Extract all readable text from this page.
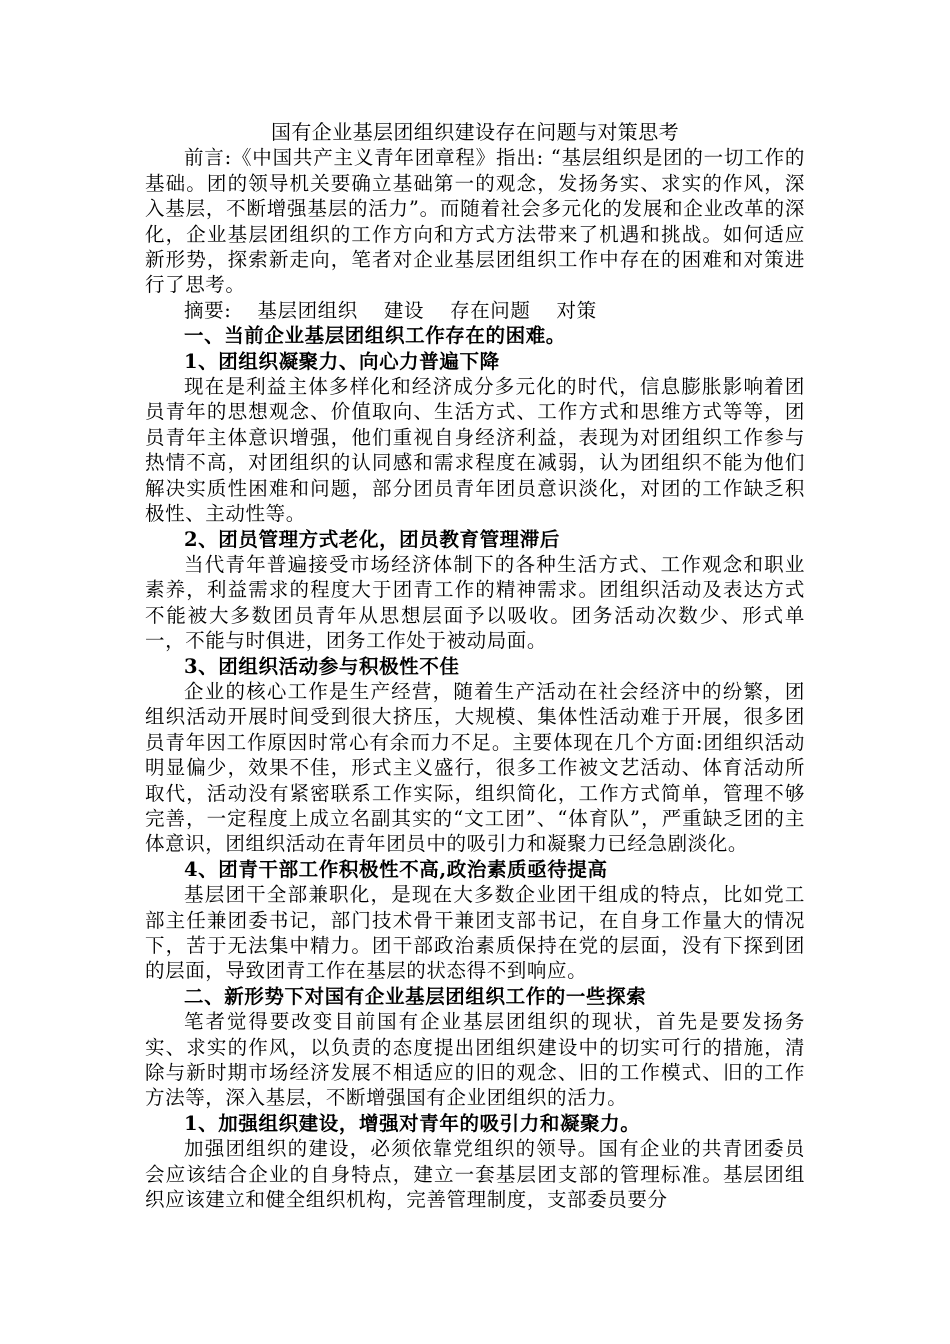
国有企业基层团组织建设存在问题与对策思考

前言:《中国共产主义青年团章程》指出: “基层组织是团的一切工作的基础。团的领导机关要确立基础第一的观念，发扬务实、求实的作风，深入基层，不断增强基层的活力”。而随着社会多元化的发展和企业改革的深化，企业基层团组织的工作方向和方式方法带来了机遇和挑战。如何适应新形势，探索新走向，笔者对企业基层团组织工作中存在的困难和对策进行了思考。

摘要: 基层团组织 建设 存在问题 对策

一、当前企业基层团组织工作存在的困难。
1、团组织凝聚力、向心力普遍下降

现在是利益主体多样化和经济成分多元化的时代，信息膨胀影响着团员青年的思想观念、价值取向、生活方式、工作方式和思维方式等等，团员青年主体意识增强，他们重视自身经济利益，表现为对团组织工作参与热情不高，对团组织的认同感和需求程度在减弱，认为团组织不能为他们解决实质性困难和问题，部分团员青年团员意识淡化，对团的工作缺乏积极性、主动性等。

2、团员管理方式老化，团员教育管理滞后

当代青年普遍接受市场经济体制下的各种生活方式、工作观念和职业素养，利益需求的程度大于团青工作的精神需求。团组织活动及表达方式不能被大多数团员青年从思想层面予以吸收。团务活动次数少、形式单一，不能与时俱进，团务工作处于被动局面。

3、团组织活动参与积极性不佳

企业的核心工作是生产经营，随着生产活动在社会经济中的纷繁，团组织活动开展时间受到很大挤压，大规模、集体性活动难于开展，很多团员青年因工作原因时常心有余而力不足。主要体现在几个方面:团组织活动明显偏少，效果不佳，形式主义盛行，很多工作被文艺活动、体育活动所取代，活动没有紧密联系工作实际，组织简化，工作方式简单，管理不够完善，一定程度上成立名副其实的“文工团”、“体育队”，严重缺乏团的主体意识，团组织活动在青年团员中的吸引力和凝聚力已经急剧淡化。

4、团青干部工作积极性不高,政治素质亟待提高

基层团干全部兼职化，是现在大多数企业团干组成的特点，比如党工部主任兼团委书记，部门技术骨干兼团支部书记，在自身工作量大的情况下，苦于无法集中精力。团干部政治素质保持在党的层面，没有下探到团的层面，导致团青工作在基层的状态得不到响应。

二、新形势下对国有企业基层团组织工作的一些探索

笔者觉得要改变目前国有企业基层团组织的现状，首先是要发扬务实、求实的作风，以负责的态度提出团组织建设中的切实可行的措施，清除与新时期市场经济发展不相适应的旧的观念、旧的工作模式、旧的工作方法等，深入基层，不断增强国有企业团组织的活力。

1、加强组织建设，增强对青年的吸引力和凝聚力。

加强团组织的建设，必须依靠党组织的领导。国有企业的共青团委员会应该结合企业的自身特点，建立一套基层团支部的管理标准。基层团组织应该建立和健全组织机构，完善管理制度，支部委员要分
